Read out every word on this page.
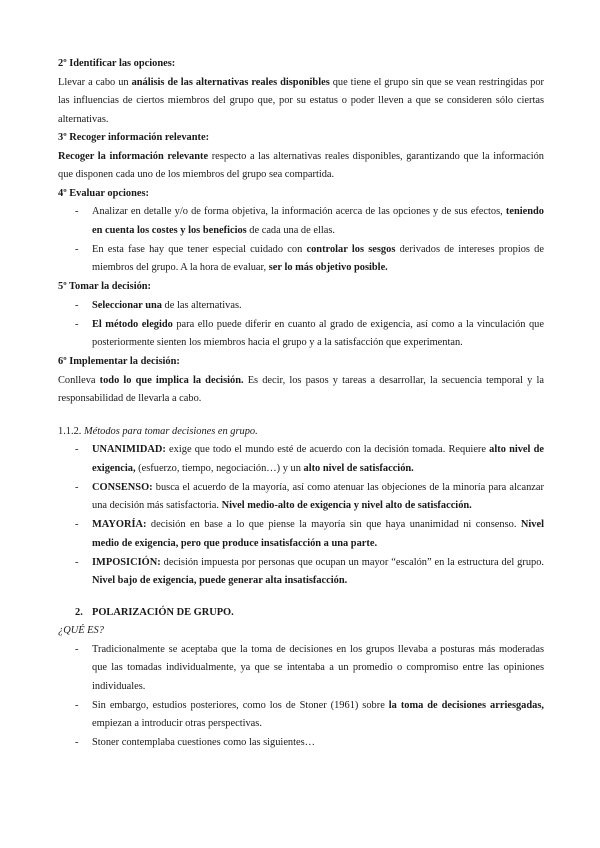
2º Identificar las opciones:

Llevar a cabo un análisis de las alternativas reales disponibles que tiene el grupo sin que se vean restringidas por las influencias de ciertos miembros del grupo que, por su estatus o poder lleven a que se consideren sólo ciertas alternativas.

3º Recoger información relevante:

Recoger la información relevante respecto a las alternativas reales disponibles, garantizando que la información que disponen cada uno de los miembros del grupo sea compartida.

4º Evaluar opciones:

- Analizar en detalle y/o de forma objetiva, la información acerca de las opciones y de sus efectos, teniendo en cuenta los costes y los beneficios de cada una de ellas.
- En esta fase hay que tener especial cuidado con controlar los sesgos derivados de intereses propios de miembros del grupo. A la hora de evaluar, ser lo más objetivo posible.

5º Tomar la decisión:

- Seleccionar una de las alternativas.
- El método elegido para ello puede diferir en cuanto al grado de exigencia, así como a la vinculación que posteriormente sienten los miembros hacia el grupo y a la satisfacción que experimentan.

6º Implementar la decisión:

Conlleva todo lo que implica la decisión. Es decir, los pasos y tareas a desarrollar, la secuencia temporal y la responsabilidad de llevarla a cabo.

1.1.2. Métodos para tomar decisiones en grupo.

- UNANIMIDAD: exige que todo el mundo esté de acuerdo con la decisión tomada. Requiere alto nivel de exigencia, (esfuerzo, tiempo, negociación…) y un alto nivel de satisfacción.
- CONSENSO: busca el acuerdo de la mayoría, así como atenuar las objeciones de la minoría para alcanzar una decisión más satisfactoria. Nivel medio-alto de exigencia y nivel alto de satisfacción.
- MAYORÍA: decisión en base a lo que piense la mayoría sin que haya unanimidad ni consenso. Nivel medio de exigencia, pero que produce insatisfacción a una parte.
- IMPOSICIÓN: decisión impuesta por personas que ocupan un mayor “escalón” en la estructura del grupo. Nivel bajo de exigencia, puede generar alta insatisfacción.

2. POLARIZACIÓN DE GRUPO.

¿QUÉ ES?

- Tradicionalmente se aceptaba que la toma de decisiones en los grupos llevaba a posturas más moderadas que las tomadas individualmente, ya que se intentaba a un promedio o compromiso entre las opiniones individuales.
- Sin embargo, estudios posteriores, como los de Stoner (1961) sobre la toma de decisiones arriesgadas, empiezan a introducir otras perspectivas.
- Stoner contemplaba cuestiones como las siguientes…
